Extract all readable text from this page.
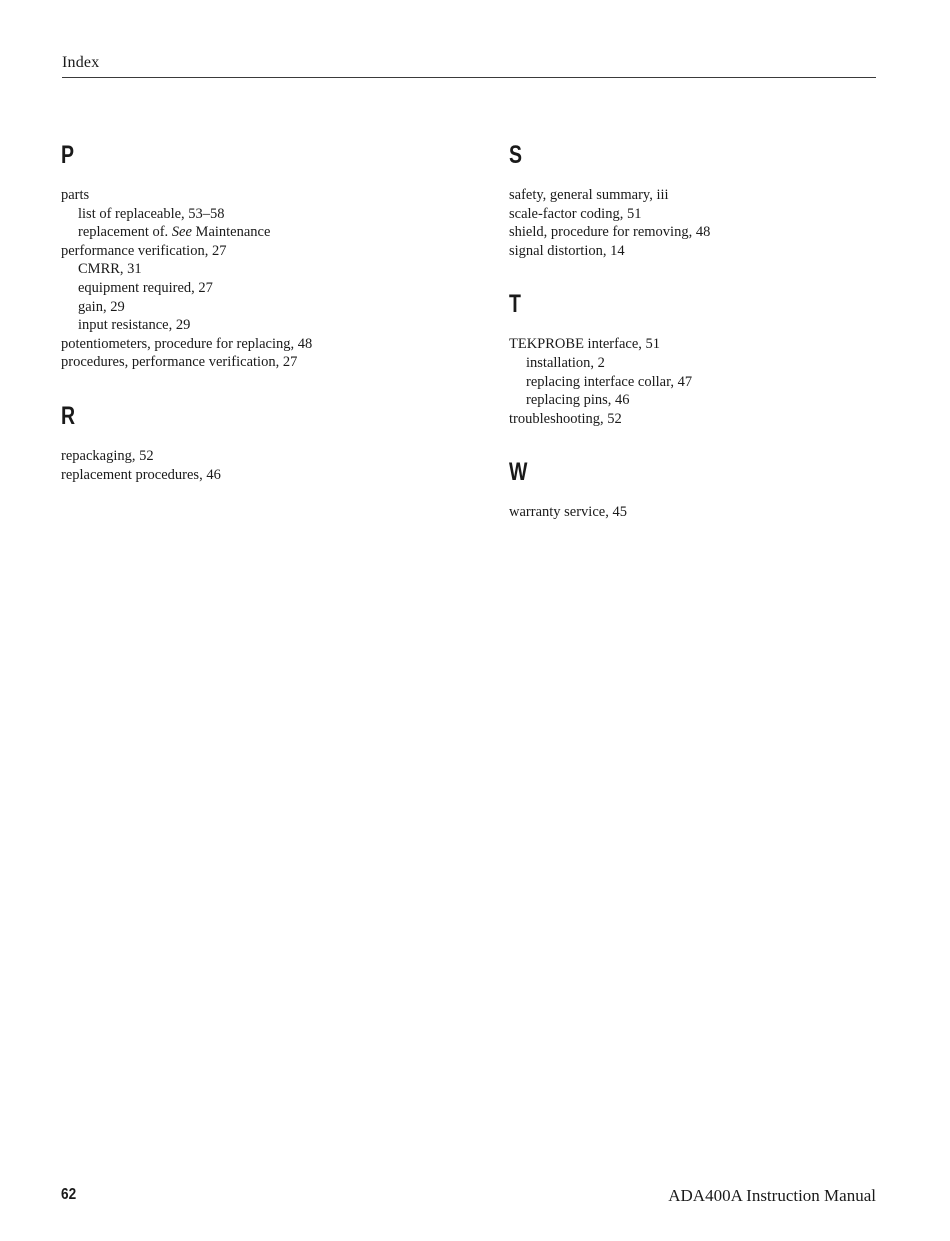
Index
P
parts
list of replaceable, 53–58
replacement of. See Maintenance
performance verification, 27
CMRR, 31
equipment required, 27
gain, 29
input resistance, 29
potentiometers, procedure for replacing, 48
procedures, performance verification, 27
R
repackaging, 52
replacement procedures, 46
S
safety, general summary, iii
scale-factor coding, 51
shield, procedure for removing, 48
signal distortion, 14
T
TEKPROBE interface, 51
installation, 2
replacing interface collar, 47
replacing pins, 46
troubleshooting, 52
W
warranty service, 45
62	ADA400A Instruction Manual
